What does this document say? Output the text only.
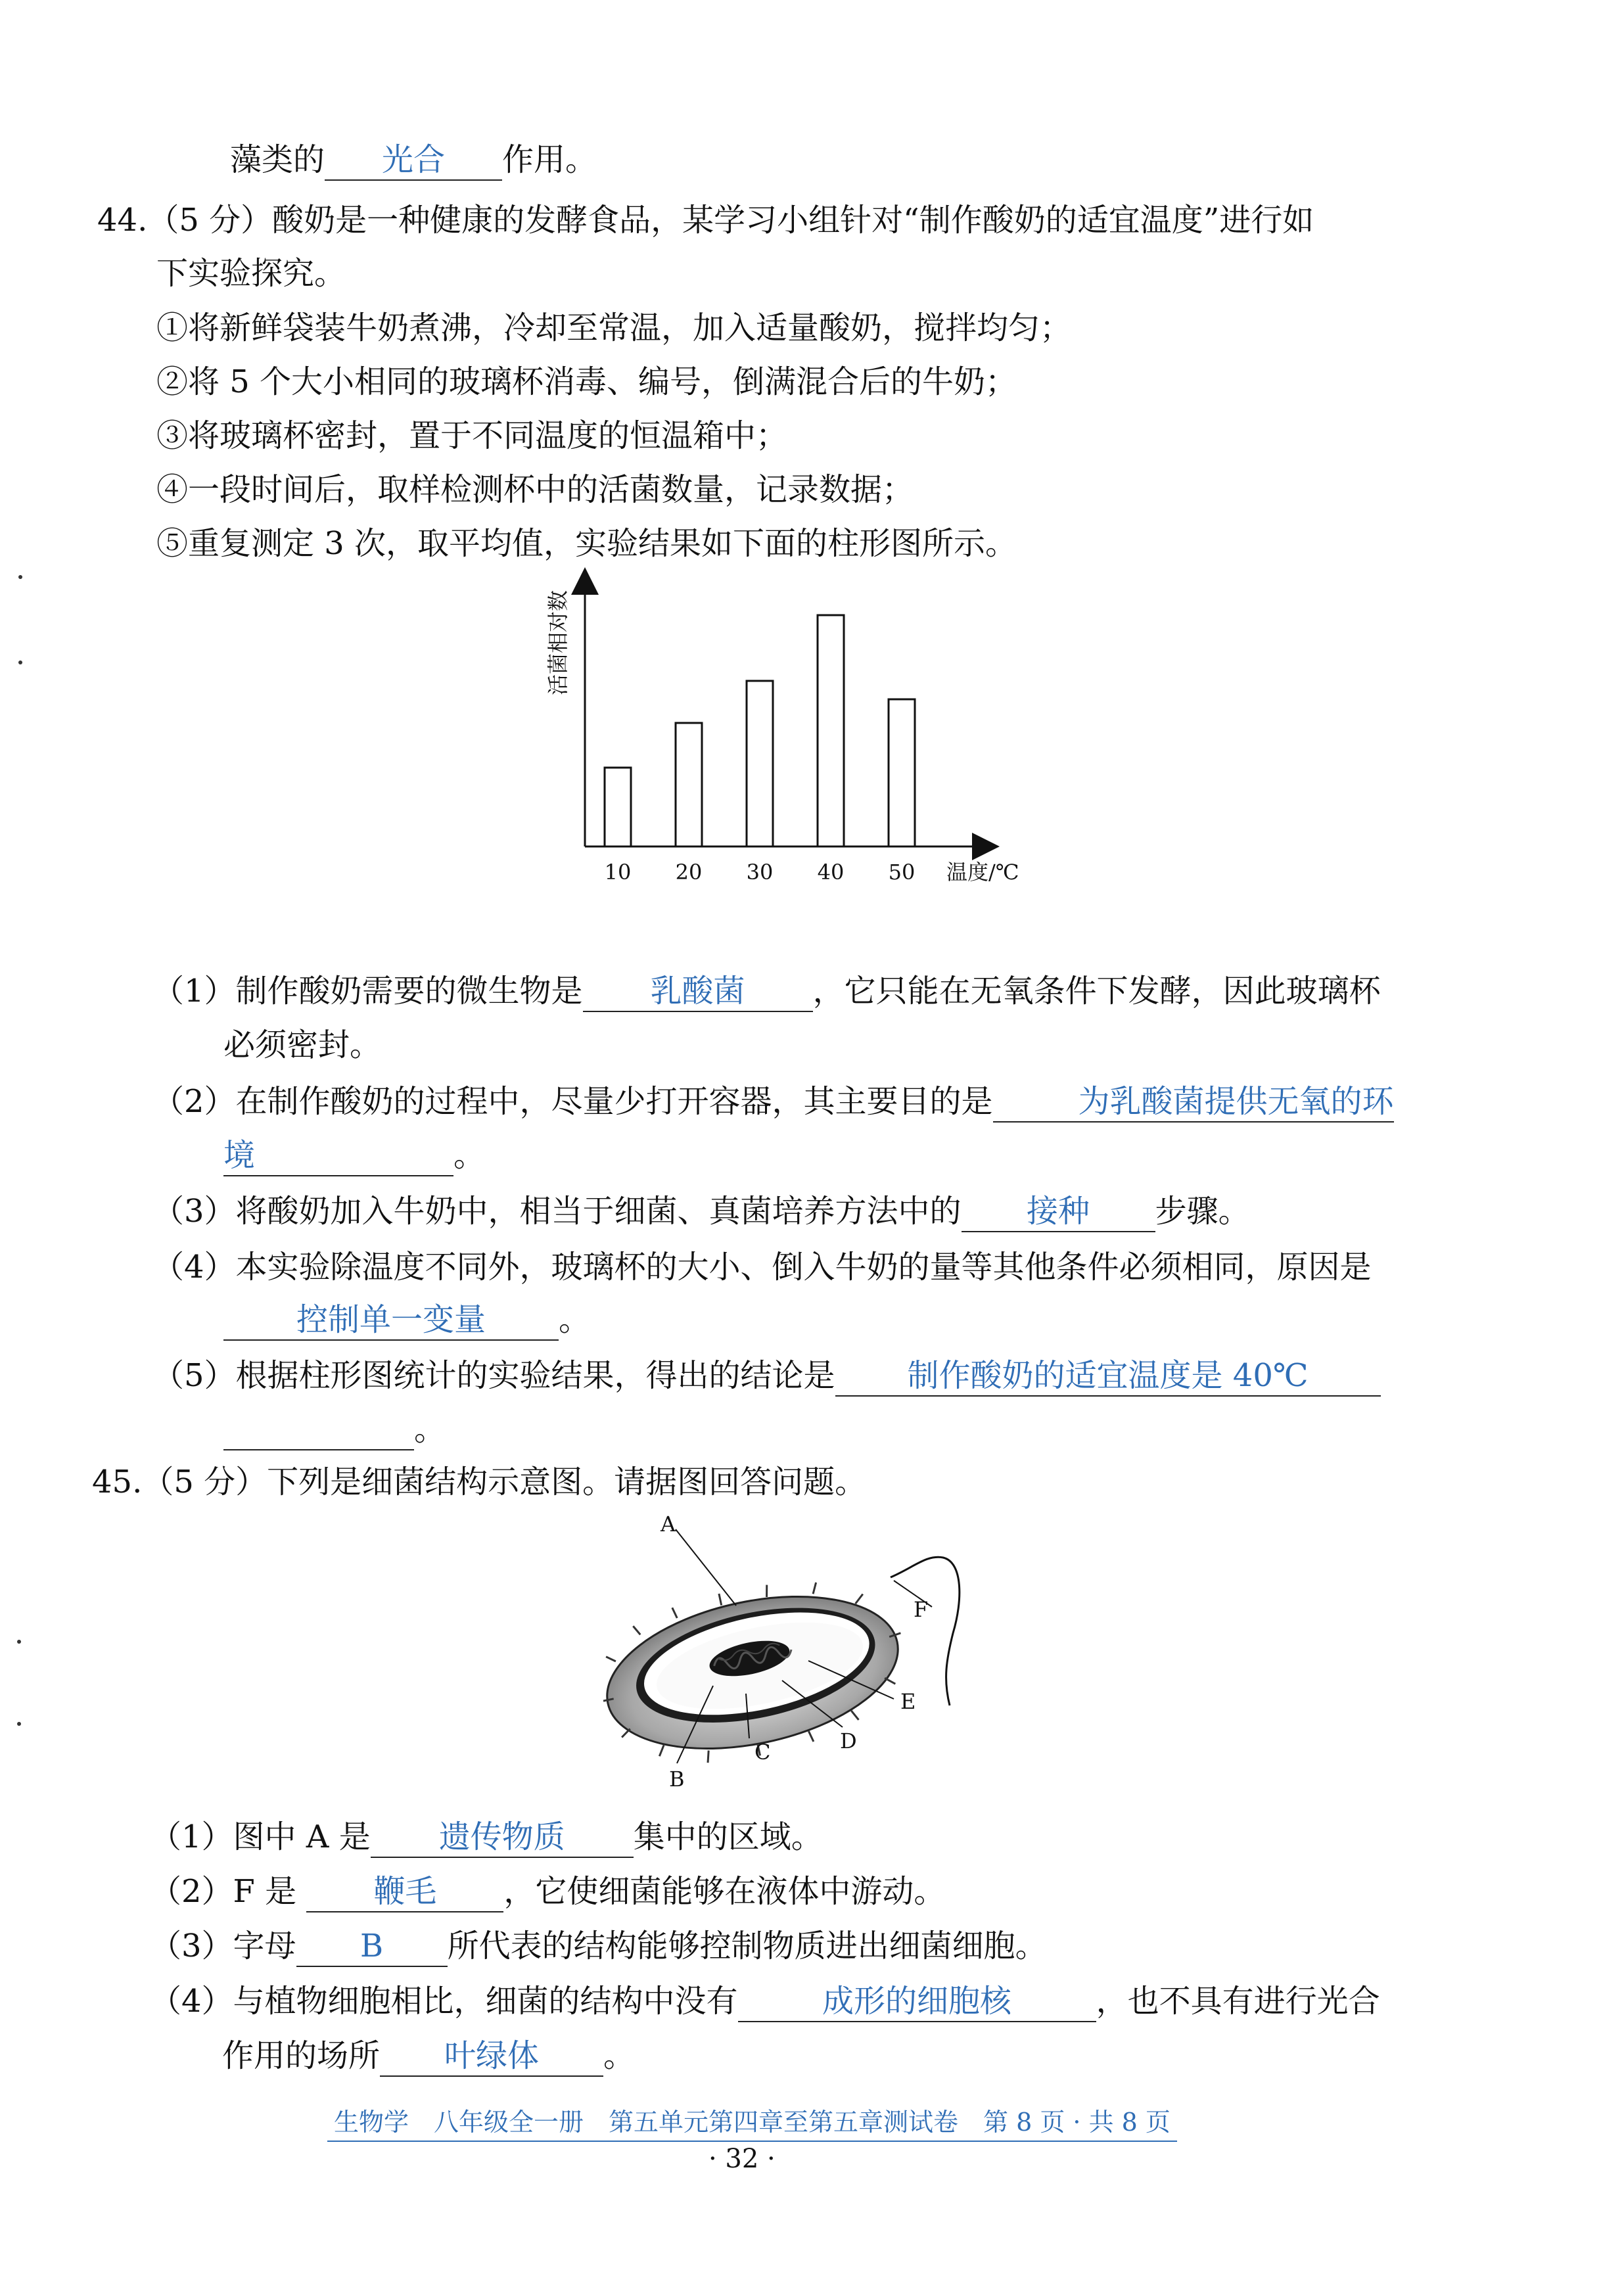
藻类的 光合 作用。
44.（5 分）酸奶是一种健康的发酵食品，某学习小组针对“制作酸奶的适宜温度”进行如
下实验探究。
①将新鲜袋装牛奶煮沸，冷却至常温，加入适量酸奶，搅拌均匀；
②将 5 个大小相同的玻璃杯消毒、编号，倒满混合后的牛奶；
③将玻璃杯密封，置于不同温度的恒温箱中；
④一段时间后，取样检测杯中的活菌数量，记录数据；
⑤重复测定 3 次，取平均值，实验结果如下面的柱形图所示。
活菌相对数
温度/℃
10 20 30 40 50
（1）制作酸奶需要的微生物是 乳酸菌 ，它只能在无氧条件下发酵，因此玻璃杯
必须密封。
（2）在制作酸奶的过程中，尽量少打开容器，其主要目的是	为乳酸菌提供无氧的环
境	。
（3）将酸奶加入牛奶中，相当于细菌、真菌培养方法中的 接种 步骤。
（4）本实验除温度不同外，玻璃杯的大小、倒入牛奶的量等其他条件必须相同，原因是
控制单一变量 。
（5）根据柱形图统计的实验结果，得出的结论是 制作酸奶的适宜温度是 40℃
。
45.（5 分）下列是细菌结构示意图。请据图回答问题。
A
F
E
D
C
B
（1）图中 A 是 遗传物质 集中的区域。
（2）F 是 鞭毛 ，它使细菌能够在液体中游动。
（3）字母 B 所代表的结构能够控制物质进出细菌细胞。
（4）与植物细胞相比，细菌的结构中没有	成形的细胞核	，也不具有进行光合
作用的场所 叶绿体 。
生物学　八年级全一册　第五单元第四章至第五章测试卷　第 8 页 · 共 8 页
· 32 ·
